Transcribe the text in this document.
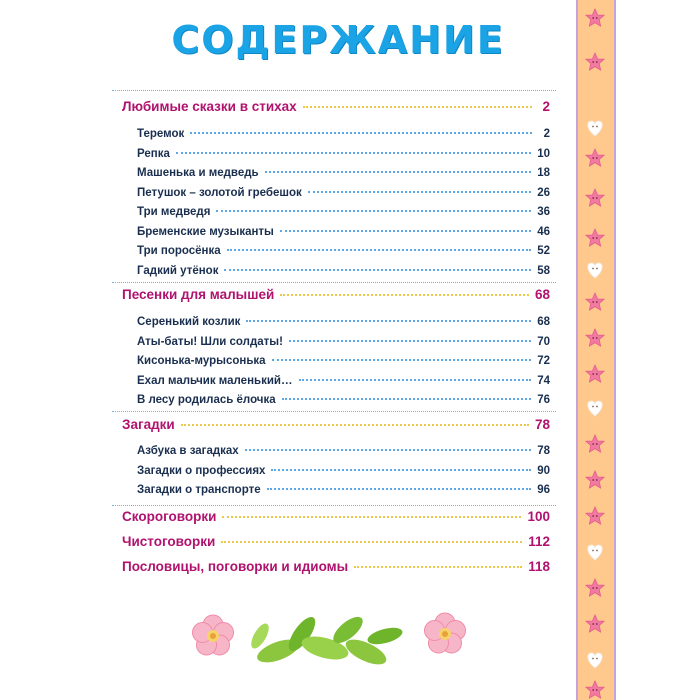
СОДЕРЖАНИЕ
Любимые сказки в стихах	2
Теремок	2
Репка	10
Машенька и медведь	18
Петушок – золотой гребешок	26
Три медведя	36
Бременские музыканты	46
Три поросёнка	52
Гадкий утёнок	58
Песенки для малышей	68
Серенький козлик	68
Аты-баты! Шли солдаты!	70
Кисонька-мурысонька	72
Ехал мальчик маленький…	74
В лесу родилась ёлочка	76
Загадки	78
Азбука в загадках	78
Загадки о профессиях	90
Загадки о транспорте	96
Скороговорки	100
Чистоговорки	112
Пословицы, поговорки и идиомы	118
